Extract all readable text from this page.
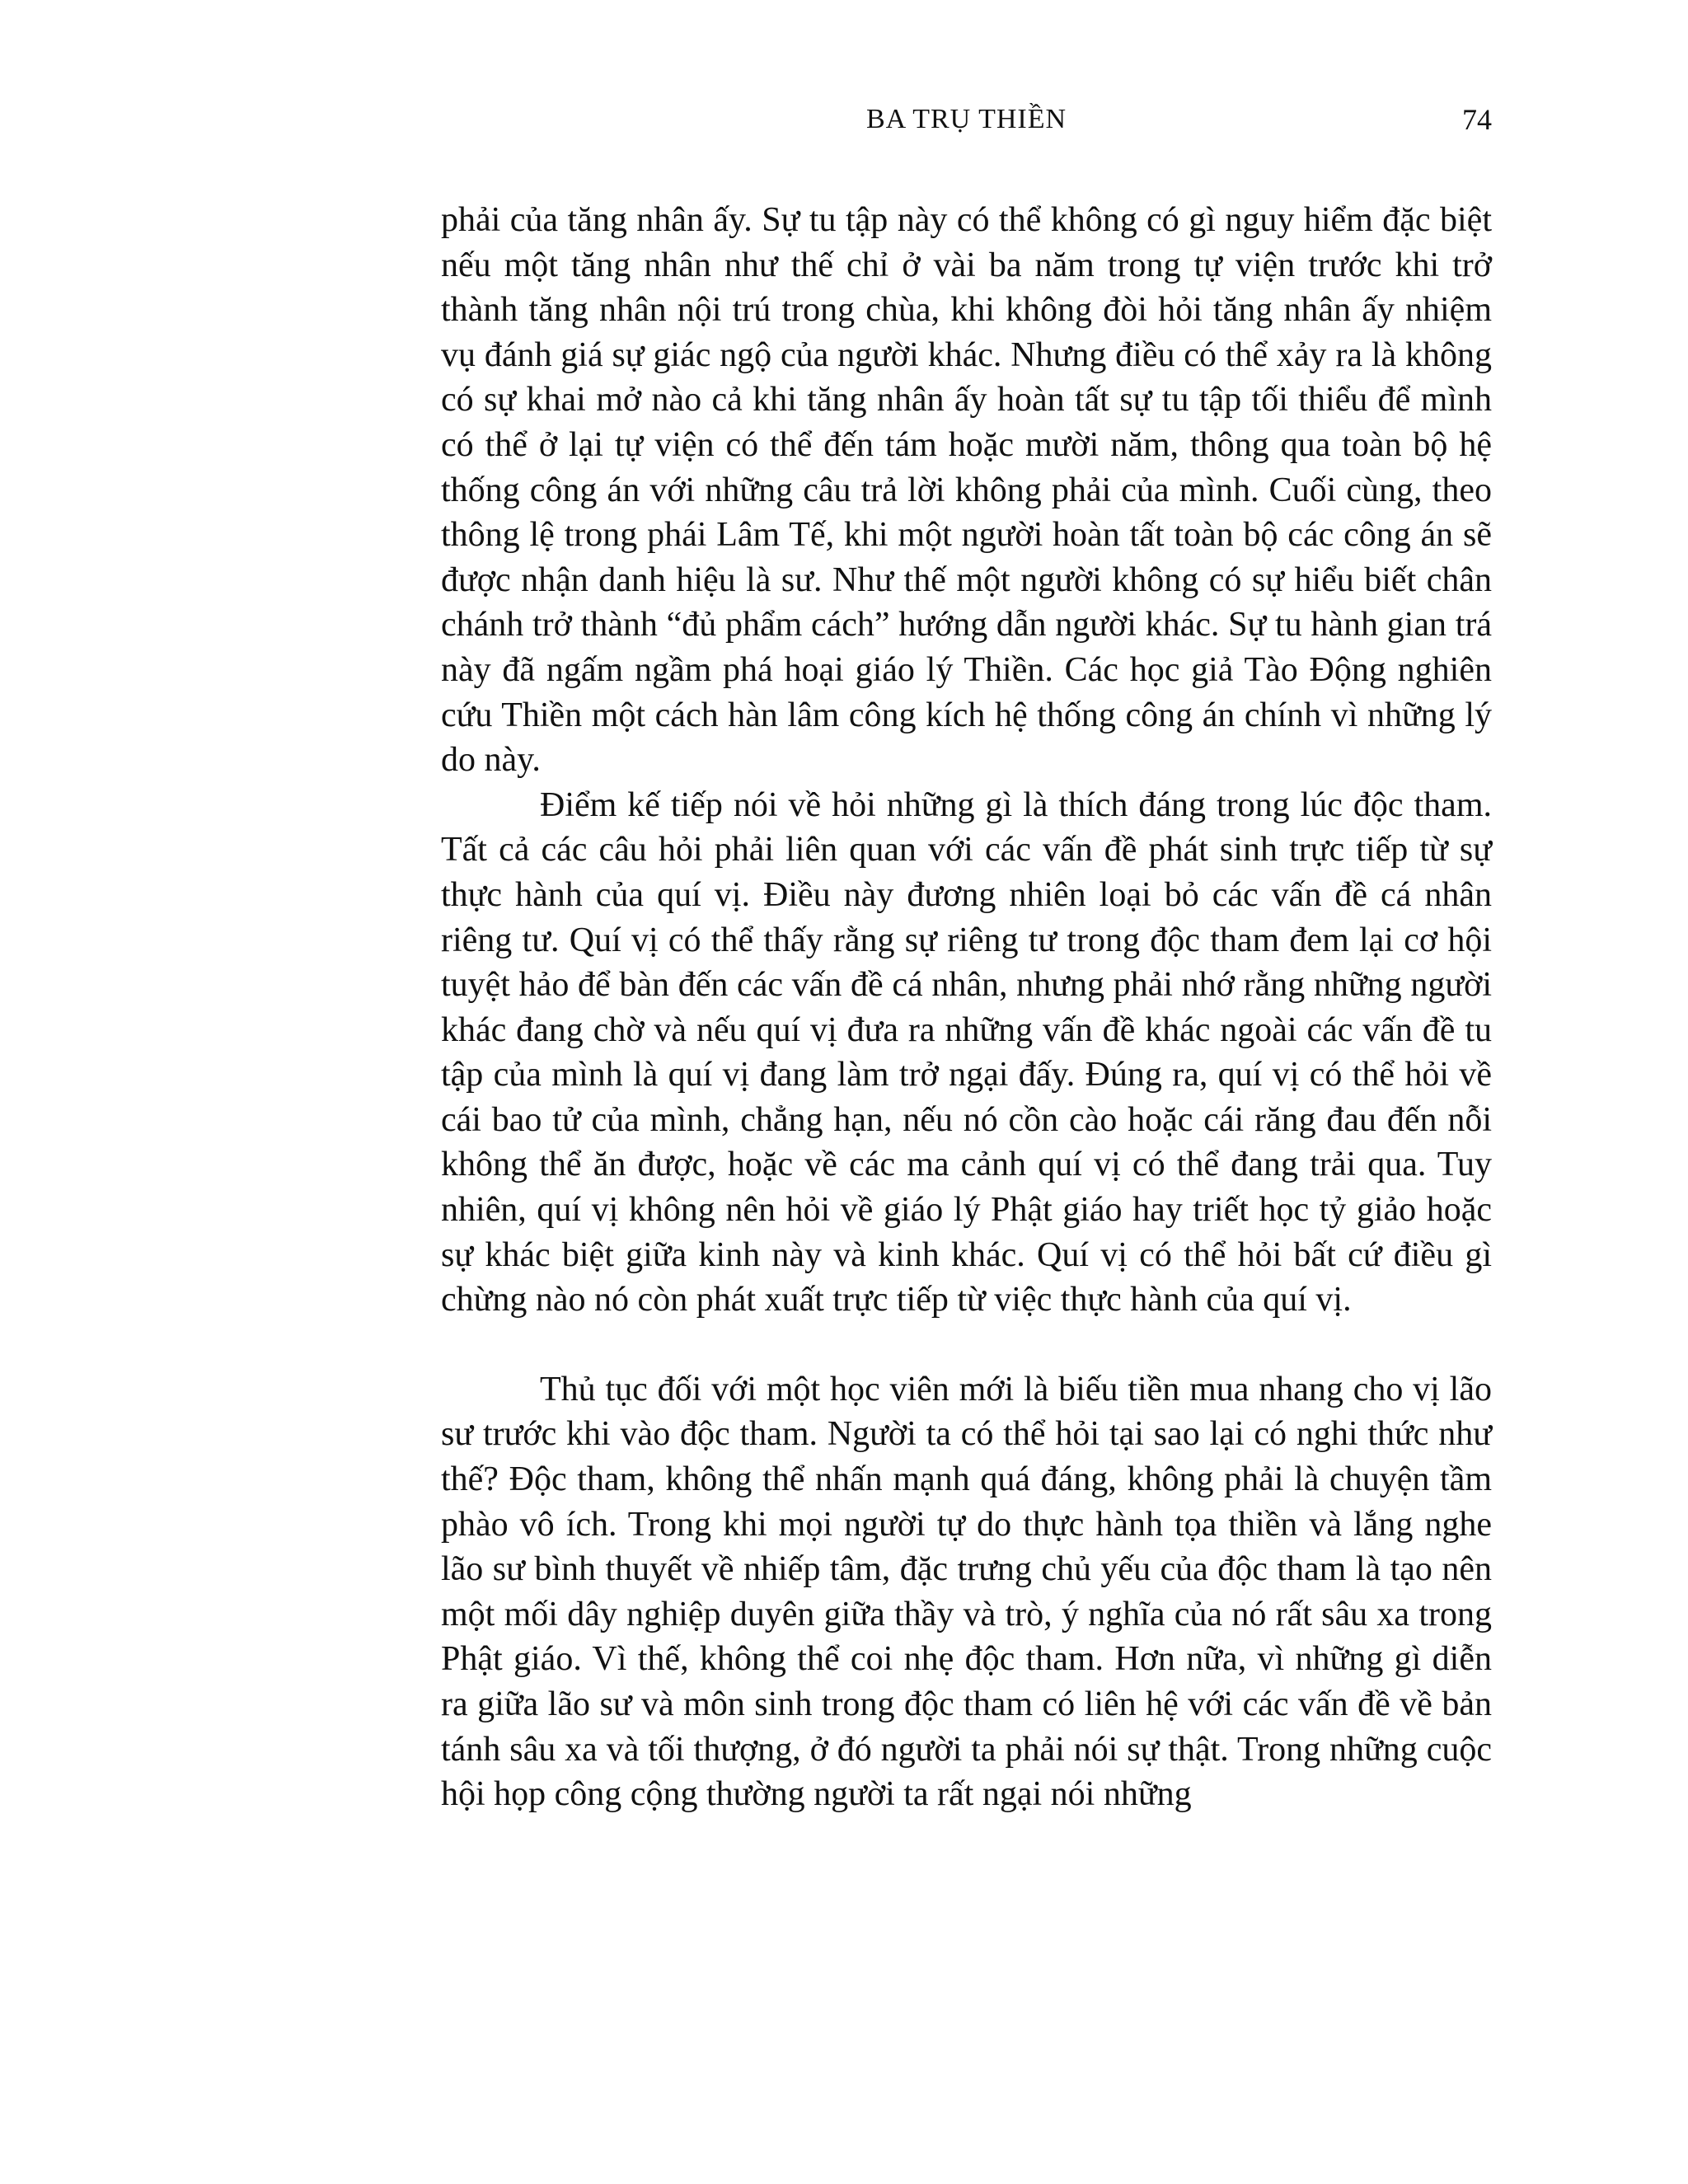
BA TRỤ THIỀN	74

phải của tăng nhân ấy. Sự tu tập này có thể không có gì nguy hiểm đặc biệt nếu một tăng nhân như thế chỉ ở vài ba năm trong tự viện trước khi trở thành tăng nhân nội trú trong chùa, khi không đòi hỏi tăng nhân ấy nhiệm vụ đánh giá sự giác ngộ của người khác. Nhưng điều có thể xảy ra là không có sự khai mở nào cả khi tăng nhân ấy hoàn tất sự tu tập tối thiểu để mình có thể ở lại tự viện có thể đến tám hoặc mười năm, thông qua toàn bộ hệ thống công án với những câu trả lời không phải của mình. Cuối cùng, theo thông lệ trong phái Lâm Tế, khi một người hoàn tất toàn bộ các công án sẽ được nhận danh hiệu là sư. Như thế một người không có sự hiểu biết chân chánh trở thành “đủ phẩm cách” hướng dẫn người khác. Sự tu hành gian trá này đã ngấm ngầm phá hoại giáo lý Thiền. Các học giả Tào Động nghiên cứu Thiền một cách hàn lâm công kích hệ thống công án chính vì những lý do này.

Điểm kế tiếp nói về hỏi những gì là thích đáng trong lúc độc tham. Tất cả các câu hỏi phải liên quan với các vấn đề phát sinh trực tiếp từ sự thực hành của quí vị. Điều này đương nhiên loại bỏ các vấn đề cá nhân riêng tư. Quí vị có thể thấy rằng sự riêng tư trong độc tham đem lại cơ hội tuyệt hảo để bàn đến các vấn đề cá nhân, nhưng phải nhớ rằng những người khác đang chờ và nếu quí vị đưa ra những vấn đề khác ngoài các vấn đề tu tập của mình là quí vị đang làm trở ngại đấy. Đúng ra, quí vị có thể hỏi về cái bao tử của mình, chẳng hạn, nếu nó cồn cào hoặc cái răng đau đến nỗi không thể ăn được, hoặc về các ma cảnh quí vị có thể đang trải qua. Tuy nhiên, quí vị không nên hỏi về giáo lý Phật giáo hay triết học tỷ giảo hoặc sự khác biệt giữa kinh này và kinh khác. Quí vị có thể hỏi bất cứ điều gì chừng nào nó còn phát xuất trực tiếp từ việc thực hành của quí vị.

Thủ tục đối với một học viên mới là biếu tiền mua nhang cho vị lão sư trước khi vào độc tham. Người ta có thể hỏi tại sao lại có nghi thức như thế? Độc tham, không thể nhấn mạnh quá đáng, không phải là chuyện tầm phào vô ích. Trong khi mọi người tự do thực hành tọa thiền và lắng nghe lão sư bình thuyết về nhiếp tâm, đặc trưng chủ yếu của độc tham là tạo nên một mối dây nghiệp duyên giữa thầy và trò, ý nghĩa của nó rất sâu xa trong Phật giáo. Vì thế, không thể coi nhẹ độc tham. Hơn nữa, vì những gì diễn ra giữa lão sư và môn sinh trong độc tham có liên hệ với các vấn đề về bản tánh sâu xa và tối thượng, ở đó người ta phải nói sự thật. Trong những cuộc hội họp công cộng thường người ta rất ngại nói những
